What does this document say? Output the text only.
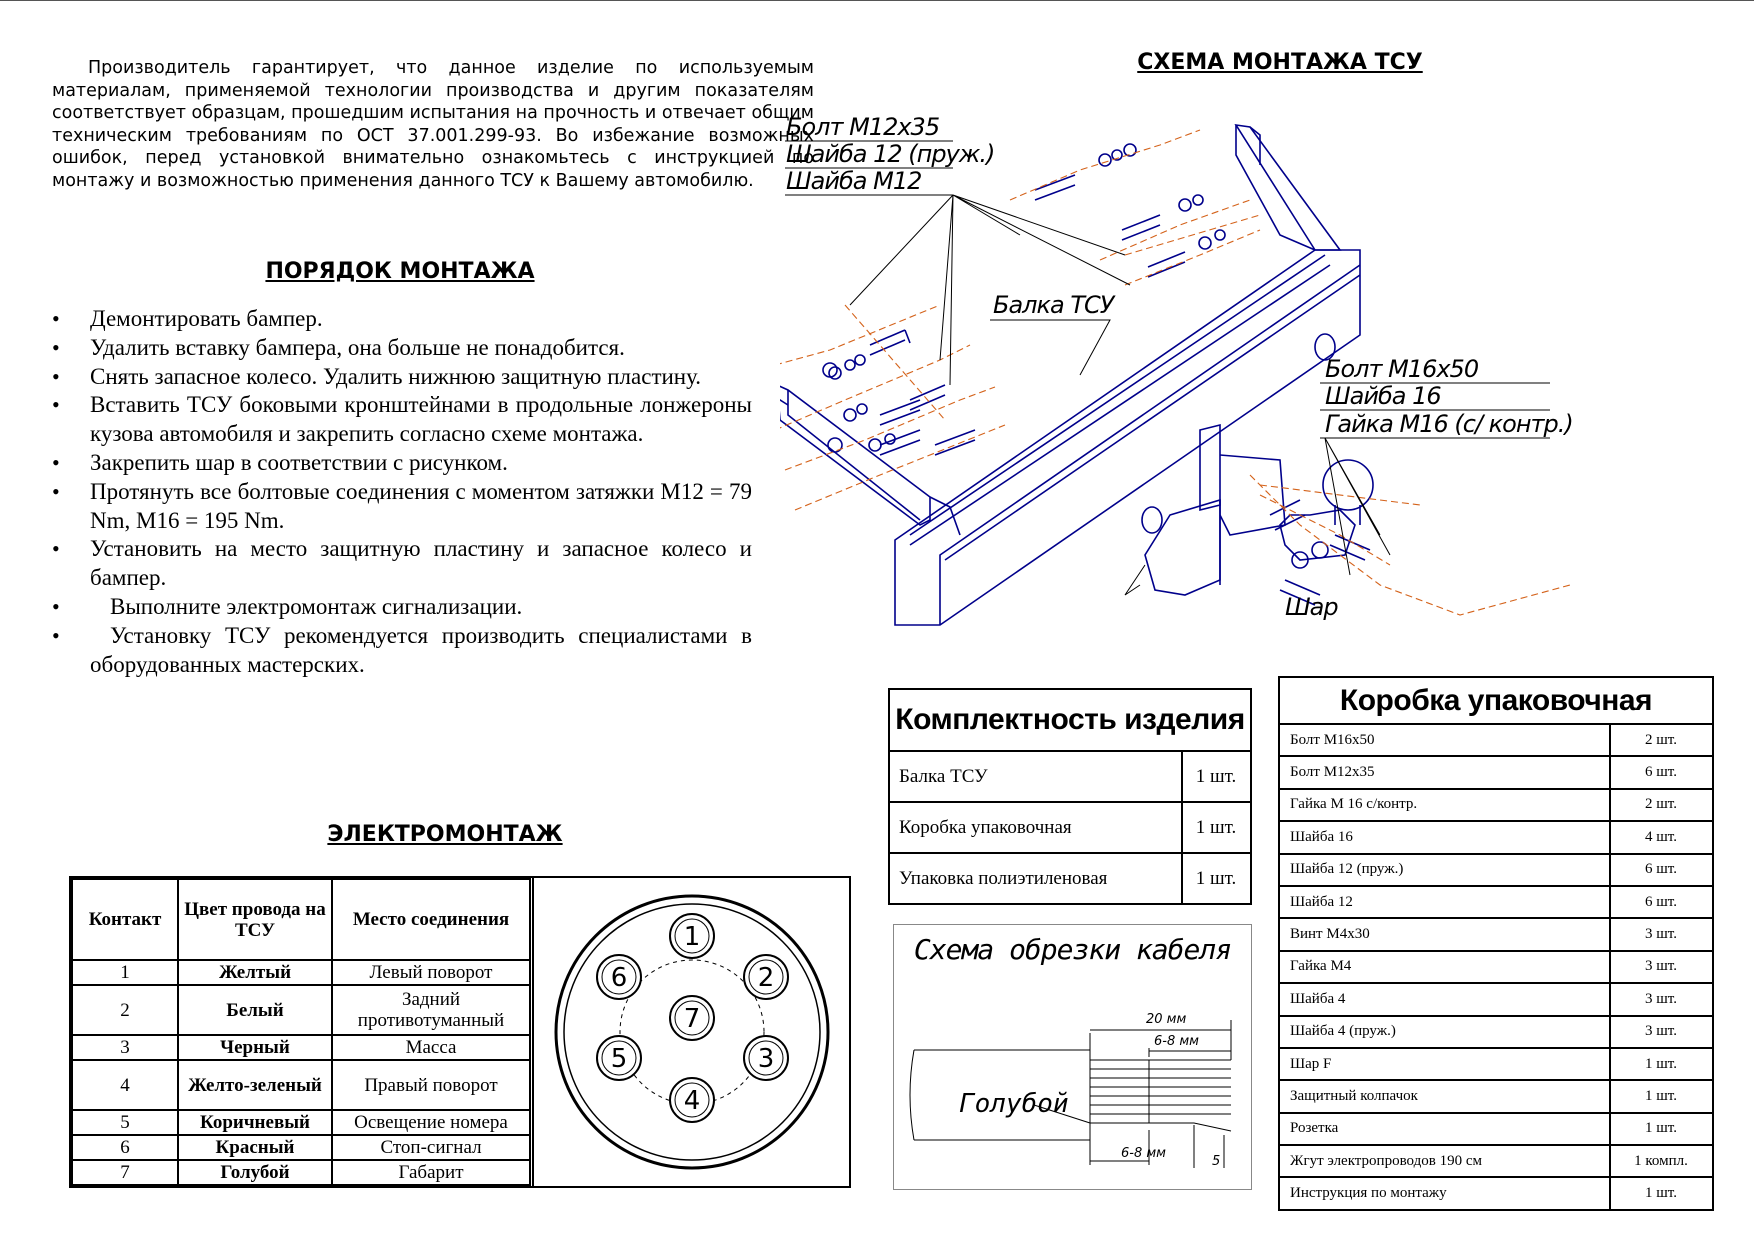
Производитель гарантирует, что данное изделие по используемым материалам, применяемой технологии производства и другим показателям соответствует образцам, прошедшим испытания на прочность и отвечает общим техническим требованиям по ОСТ 37.001.299-93. Во избежание возможных ошибок, перед установкой внимательно ознакомьтесь с инструкцией по монтажу и возможностью применения данного ТСУ к Вашему автомобилю.
ПОРЯДОК МОНТАЖА
• Демонтировать бампер.
• Удалить вставку бампера, она больше не понадобится.
• Снять запасное колесо. Удалить нижнюю защитную пластину.
• Вставить ТСУ боковыми кронштейнами в продольные лонжероны кузова автомобиля и закрепить согласно схеме монтажа.
• Закрепить шар в соответствии с рисунком.
• Протянуть все болтовые соединения с моментом затяжки М12 = 79 Nm, М16 = 195 Nm.
• Установить на место защитную пластину и запасное колесо и бампер.
• Выполните электромонтаж сигнализации.
• Установку ТСУ рекомендуется производить специалистами в оборудованных мастерских.
ЭЛЕКТРОМОНТАЖ
Контакт	Цвет провода на ТСУ	Место соединения
1	Желтый	Левый поворот
2	Белый	Задний противотуманный
3	Черный	Масса
4	Желто-зеленый	Правый поворот
5	Коричневый	Освещение номера
6	Красный	Стоп-сигнал
7	Голубой	Габарит
1
2
3
4
5
6
7
СХЕМА МОНТАЖА ТСУ
Болт М12х35
Шайба 12 (пруж.)
Шайба М12
Балка ТСУ
Болт М16х50
Шайба 16
Гайка М16 (с/ контр.)
Шар
Комплектность изделия	
Балка ТСУ	1 шт.
Коробка упаковочная	1 шт.
Упаковка полиэтиленовая	1 шт.
Коробка упаковочная	
Болт М16х50	2 шт.
Болт М12х35	6 шт.
Гайка М 16 с/контр.	2 шт.
Шайба 16	4 шт.
Шайба 12 (пруж.)	6 шт.
Шайба 12	6 шт.
Винт М4х30	3 шт.
Гайка М4	3 шт.
Шайба 4	3 шт.
Шайба 4 (пруж.)	3 шт.
Шар F	1 шт.
Защитный колпачок	1 шт.
Розетка	1 шт.
Жгут электропроводов 190 см	1 компл.
Инструкция по монтажу	1 шт.
Схема обрезки кабеля
20 мм
6-8 мм
6-8 мм
5
Голубой
